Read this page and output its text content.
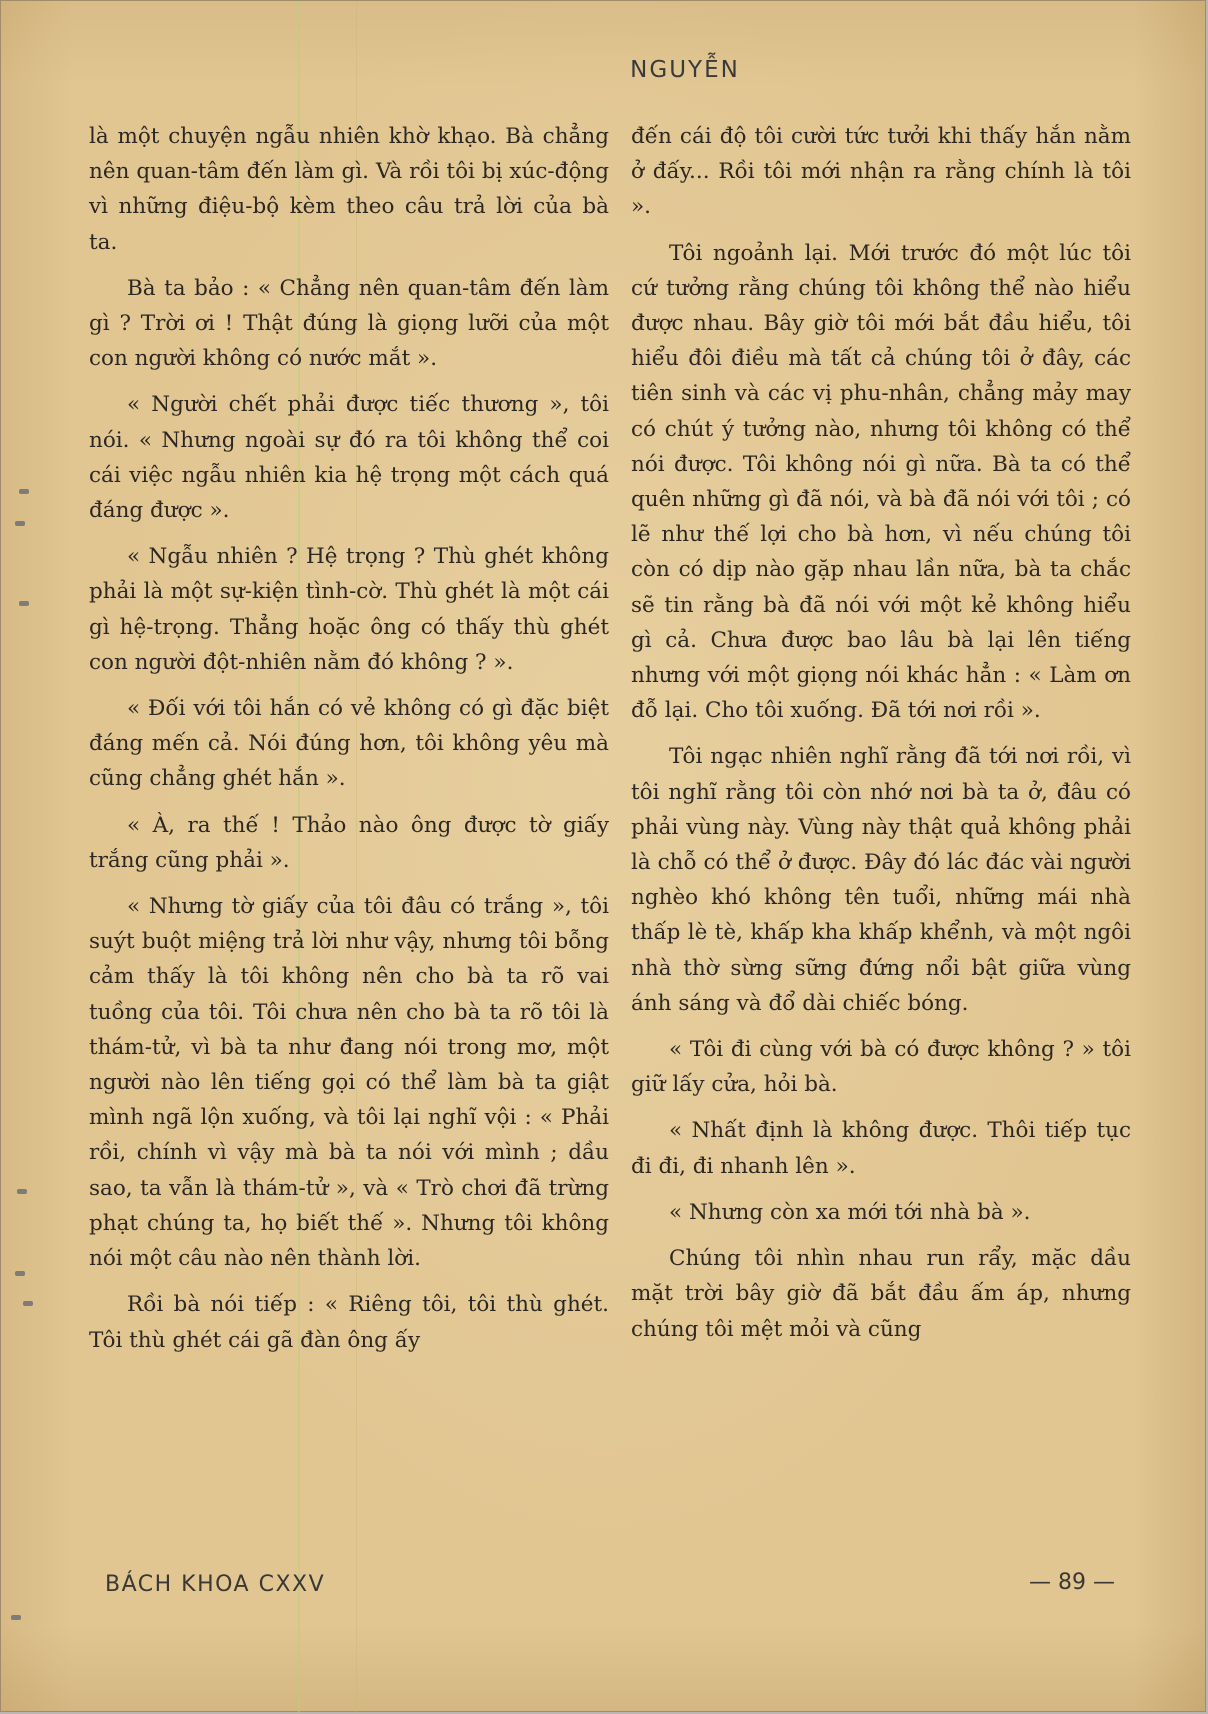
NGUYỄN

là một chuyện ngẫu nhiên khờ khạo. Bà chẳng nên quan-tâm đến làm gì. Và rồi tôi bị xúc-động vì những điệu-bộ kèm theo câu trả lời của bà ta.

Bà ta bảo : « Chẳng nên quan-tâm đến làm gì ? Trời ơi ! Thật đúng là giọng lưỡi của một con người không có nước mắt ».

« Người chết phải được tiếc thương », tôi nói. « Nhưng ngoài sự đó ra tôi không thể coi cái việc ngẫu nhiên kia hệ trọng một cách quá đáng được ».

« Ngẫu nhiên ? Hệ trọng ? Thù ghét không phải là một sự-kiện tình-cờ. Thù ghét là một cái gì hệ-trọng. Thẳng hoặc ông có thấy thù ghét con người đột-nhiên nằm đó không ? ».

« Đối với tôi hắn có vẻ không có gì đặc biệt đáng mến cả. Nói đúng hơn, tôi không yêu mà cũng chẳng ghét hắn ».

« À, ra thế ! Thảo nào ông được tờ giấy trắng cũng phải ».

« Nhưng tờ giấy của tôi đâu có trắng », tôi suýt buột miệng trả lời như vậy, nhưng tôi bỗng cảm thấy là tôi không nên cho bà ta rõ vai tuồng của tôi. Tôi chưa nên cho bà ta rõ tôi là thám-tử, vì bà ta như đang nói trong mơ, một người nào lên tiếng gọi có thể làm bà ta giật mình ngã lộn xuống, và tôi lại nghĩ vội : « Phải rồi, chính vì vậy mà bà ta nói với mình ; dầu sao, ta vẫn là thám-tử », và « Trò chơi đã trừng phạt chúng ta, họ biết thế ». Nhưng tôi không nói một câu nào nên thành lời.

Rồi bà nói tiếp : « Riêng tôi, tôi thù ghét. Tôi thù ghét cái gã đàn ông ấy

đến cái độ tôi cười tức tưởi khi thấy hắn nằm ở đấy... Rồi tôi mới nhận ra rằng chính là tôi ».

Tôi ngoảnh lại. Mới trước đó một lúc tôi cứ tưởng rằng chúng tôi không thể nào hiểu được nhau. Bây giờ tôi mới bắt đầu hiểu, tôi hiểu đôi điều mà tất cả chúng tôi ở đây, các tiên sinh và các vị phu-nhân, chẳng mảy may có chút ý tưởng nào, nhưng tôi không có thể nói được. Tôi không nói gì nữa. Bà ta có thể quên những gì đã nói, và bà đã nói với tôi ; có lẽ như thế lợi cho bà hơn, vì nếu chúng tôi còn có dịp nào gặp nhau lần nữa, bà ta chắc sẽ tin rằng bà đã nói với một kẻ không hiểu gì cả. Chưa được bao lâu bà lại lên tiếng nhưng với một giọng nói khác hẳn : « Làm ơn đỗ lại. Cho tôi xuống. Đã tới nơi rồi ».

Tôi ngạc nhiên nghĩ rằng đã tới nơi rồi, vì tôi nghĩ rằng tôi còn nhớ nơi bà ta ở, đâu có phải vùng này. Vùng này thật quả không phải là chỗ có thể ở được. Đây đó lác đác vài người nghèo khó không tên tuổi, những mái nhà thấp lè tè, khấp kha khấp khểnh, và một ngôi nhà thờ sừng sững đứng nổi bật giữa vùng ánh sáng và đổ dài chiếc bóng.

« Tôi đi cùng với bà có được không ? » tôi giữ lấy cửa, hỏi bà.

« Nhất định là không được. Thôi tiếp tục đi đi, đi nhanh lên ».

« Nhưng còn xa mới tới nhà bà ».

Chúng tôi nhìn nhau run rẩy, mặc dầu mặt trời bây giờ đã bắt đầu ấm áp, nhưng chúng tôi mệt mỏi và cũng

BÁCH KHOA CXXV	— 89 —
